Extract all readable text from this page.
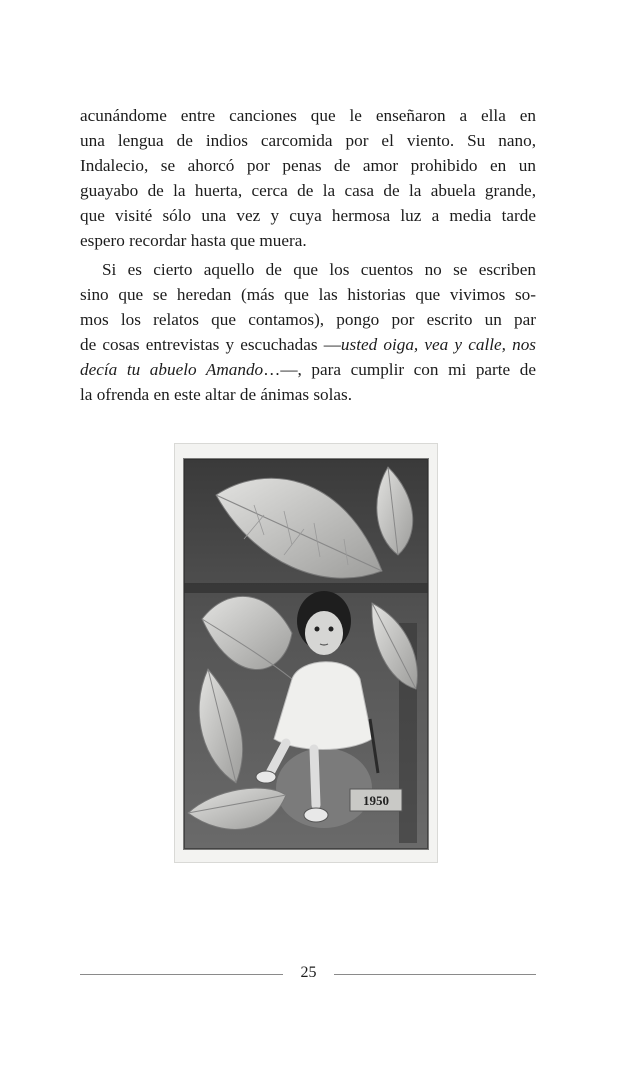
acunándome entre canciones que le enseñaron a ella en
una lengua de indios carcomida por el viento. Su nano,
Indalecio, se ahorcó por penas de amor prohibido en un
guayabo de la huerta, cerca de la casa de la abuela grande,
que visité sólo una vez y cuya hermosa luz a media tarde
espero recordar hasta que muera.
Si es cierto aquello de que los cuentos no se escriben
sino que se heredan (más que las historias que vivimos so-
mos los relatos que contamos), pongo por escrito un par
de cosas entrevistas y escuchadas —usted oiga, vea y calle, nos
decía tu abuelo Amando…—, para cumplir con mi parte de
la ofrenda en este altar de ánimas solas.
1950
25
